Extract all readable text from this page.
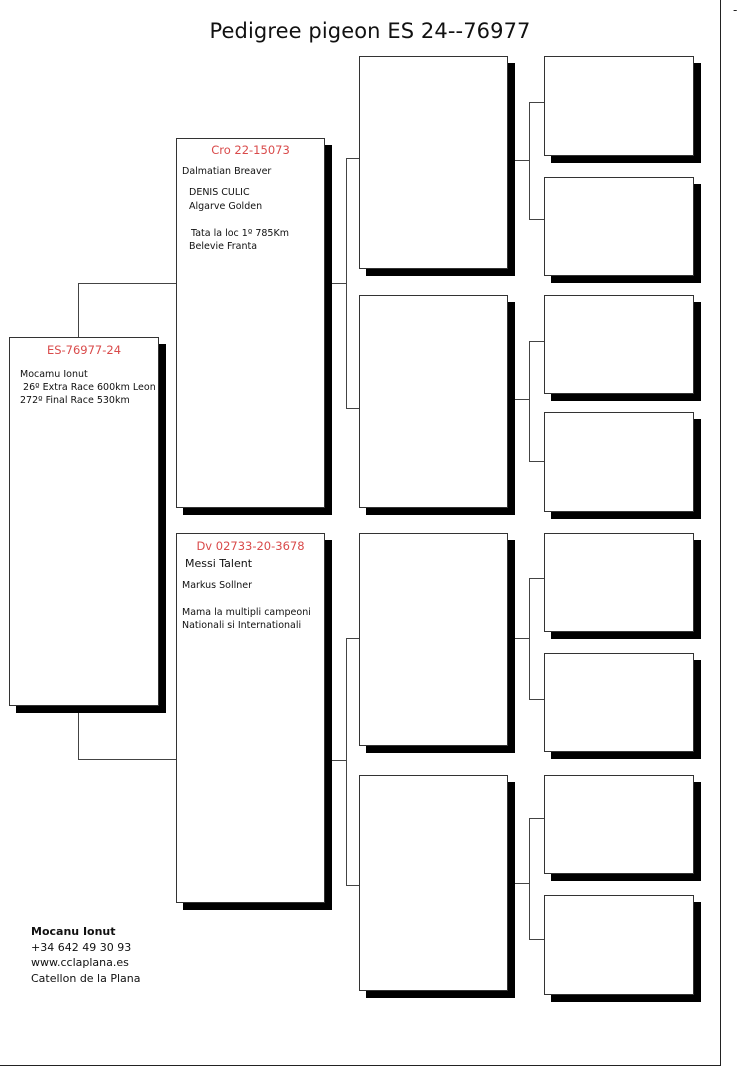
-
Pedigree pigeon ES 24--76977
ES-76977-24
Mocamu Ionut
26º Extra Race 600km Leon
272º Final Race 530km
Cro 22-15073
Dalmatian Breaver
DENIS CULIC
Algarve Golden
Tata la loc 1º 785Km
Belevie Franta
Dv 02733-20-3678
Messi Talent
Markus Sollner
Mama la multipli campeoni
Nationali si Internationali
Mocanu Ionut
+34 642 49 30 93
www.cclaplana.es
Catellon de la Plana
